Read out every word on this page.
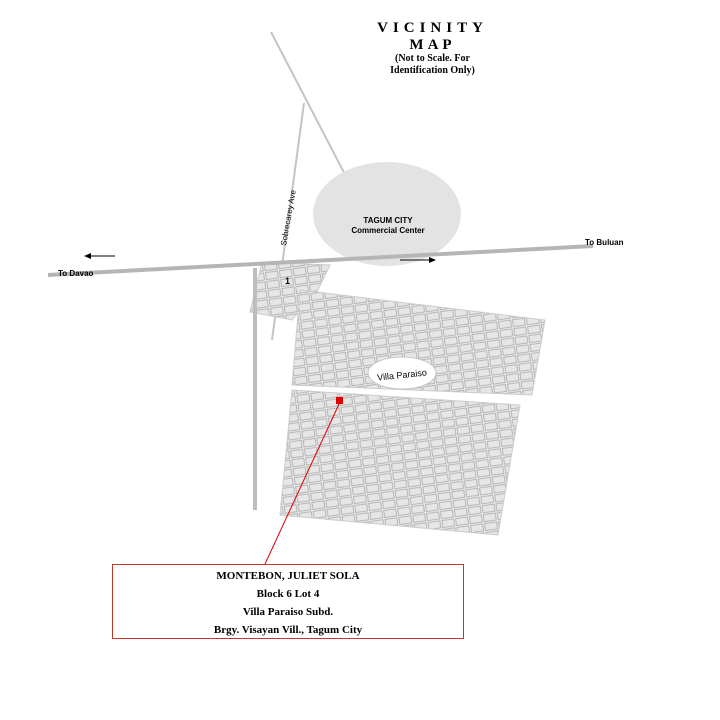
VICINITY
MAP
(Not to Scale. For
Identification Only)
TAGUM CITY
Commercial Center
To Davao
To Buluan
Sobrecarey Ave
1
Villa Paraiso
MONTEBON, JULIET SOLA
Block 6 Lot 4
Villa Paraiso Subd.
Brgy. Visayan Vill., Tagum City
